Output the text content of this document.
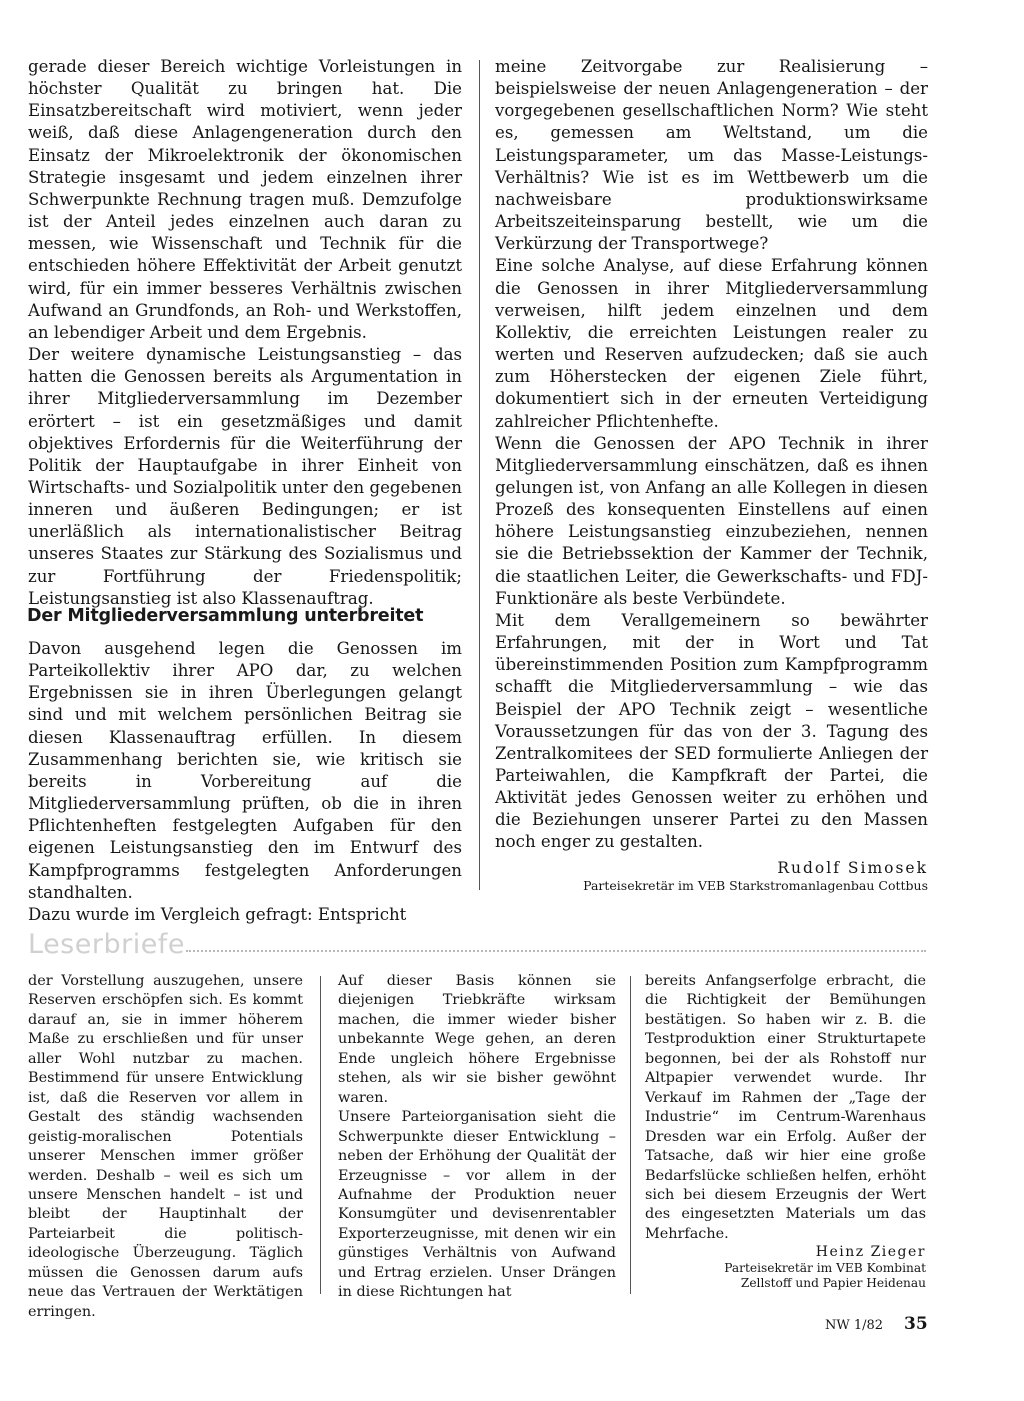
gerade dieser Bereich wichtige Vorleistungen in höchster Qualität zu bringen hat. Die Einsatzbereitschaft wird motiviert, wenn jeder weiß, daß diese Anlagengeneration durch den Einsatz der Mikroelektronik der ökonomischen Strategie insgesamt und jedem einzelnen ihrer Schwerpunkte Rechnung tragen muß. Demzufolge ist der Anteil jedes einzelnen auch daran zu messen, wie Wissenschaft und Technik für die entschieden höhere Effektivität der Arbeit genutzt wird, für ein immer besseres Verhältnis zwischen Aufwand an Grundfonds, an Roh- und Werkstoffen, an lebendiger Arbeit und dem Ergebnis.

Der weitere dynamische Leistungsanstieg – das hatten die Genossen bereits als Argumentation in ihrer Mitgliederversammlung im Dezember erörtert – ist ein gesetzmäßiges und damit objektives Erfordernis für die Weiterführung der Politik der Hauptaufgabe in ihrer Einheit von Wirtschafts- und Sozialpolitik unter den gegebenen inneren und äußeren Bedingungen; er ist unerläßlich als internationalistischer Beitrag unseres Staates zur Stärkung des Sozialismus und zur Fortführung der Friedenspolitik; Leistungsanstieg ist also Klassenauftrag.

Der Mitgliederversammlung unterbreitet

Davon ausgehend legen die Genossen im Parteikollektiv ihrer APO dar, zu welchen Ergebnissen sie in ihren Überlegungen gelangt sind und mit welchem persönlichen Beitrag sie diesen Klassenauftrag erfüllen. In diesem Zusammenhang berichten sie, wie kritisch sie bereits in Vorbereitung auf die Mitgliederversammlung prüften, ob die in ihren Pflichtenheften festgelegten Aufgaben für den eigenen Leistungsanstieg den im Entwurf des Kampfprogramms festgelegten Anforderungen standhalten.

Dazu wurde im Vergleich gefragt: Entspricht

meine Zeitvorgabe zur Realisierung – beispielsweise der neuen Anlagengeneration – der vorgegebenen gesellschaftlichen Norm? Wie steht es, gemessen am Weltstand, um die Leistungsparameter, um das Masse-Leistungs-Verhältnis? Wie ist es im Wettbewerb um die nachweisbare produktionswirksame Arbeitszeiteinsparung bestellt, wie um die Verkürzung der Transportwege?

Eine solche Analyse, auf diese Erfahrung können die Genossen in ihrer Mitgliederversammlung verweisen, hilft jedem einzelnen und dem Kollektiv, die erreichten Leistungen realer zu werten und Reserven aufzudecken; daß sie auch zum Höherstecken der eigenen Ziele führt, dokumentiert sich in der erneuten Verteidigung zahlreicher Pflichtenhefte.

Wenn die Genossen der APO Technik in ihrer Mitgliederversammlung einschätzen, daß es ihnen gelungen ist, von Anfang an alle Kollegen in diesen Prozeß des konsequenten Einstellens auf einen höhere Leistungsanstieg einzubeziehen, nennen sie die Betriebssektion der Kammer der Technik, die staatlichen Leiter, die Gewerkschafts- und FDJ-Funktionäre als beste Verbündete.

Mit dem Verallgemeinern so bewährter Erfahrungen, mit der in Wort und Tat übereinstimmenden Position zum Kampfprogramm schafft die Mitgliederversammlung – wie das Beispiel der APO Technik zeigt – wesentliche Voraussetzungen für das von der 3. Tagung des Zentralkomitees der SED formulierte Anliegen der Parteiwahlen, die Kampfkraft der Partei, die Aktivität jedes Genossen weiter zu erhöhen und die Beziehungen unserer Partei zu den Massen noch enger zu gestalten.

Rudolf Simosek
Parteisekretär im VEB Starkstromanlagenbau Cottbus
Leserbriefe

der Vorstellung auszugehen, unsere Reserven erschöpfen sich. Es kommt darauf an, sie in immer höherem Maße zu erschließen und für unser aller Wohl nutzbar zu machen. Bestimmend für unsere Entwicklung ist, daß die Reserven vor allem in Gestalt des ständig wachsenden geistig-moralischen Potentials unserer Menschen immer größer werden. Deshalb – weil es sich um unsere Menschen handelt – ist und bleibt der Hauptinhalt der Parteiarbeit die politisch-ideologische Überzeugung. Täglich müssen die Genossen darum aufs neue das Vertrauen der Werktätigen erringen.

Auf dieser Basis können sie diejenigen Triebkräfte wirksam machen, die immer wieder bisher unbekannte Wege gehen, an deren Ende ungleich höhere Ergebnisse stehen, als wir sie bisher gewöhnt waren.

Unsere Parteiorganisation sieht die Schwerpunkte dieser Entwicklung – neben der Erhöhung der Qualität der Erzeugnisse – vor allem in der Aufnahme der Produktion neuer Konsumgüter und devisenrentabler Exporterzeugnisse, mit denen wir ein günstiges Verhältnis von Aufwand und Ertrag erzielen. Unser Drängen in diese Richtungen hat

bereits Anfangserfolge erbracht, die die Richtigkeit der Bemühungen bestätigen. So haben wir z. B. die Testproduktion einer Strukturtapete begonnen, bei der als Rohstoff nur Altpapier verwendet wurde. Ihr Verkauf im Rahmen der „Tage der Industrie“ im Centrum-Warenhaus Dresden war ein Erfolg. Außer der Tatsache, daß wir hier eine große Bedarfslücke schließen helfen, erhöht sich bei diesem Erzeugnis der Wert des eingesetzten Materials um das Mehrfache.

Heinz Zieger
Parteisekretär im VEB Kombinat
Zellstoff und Papier Heidenau
NW 1/82 35
